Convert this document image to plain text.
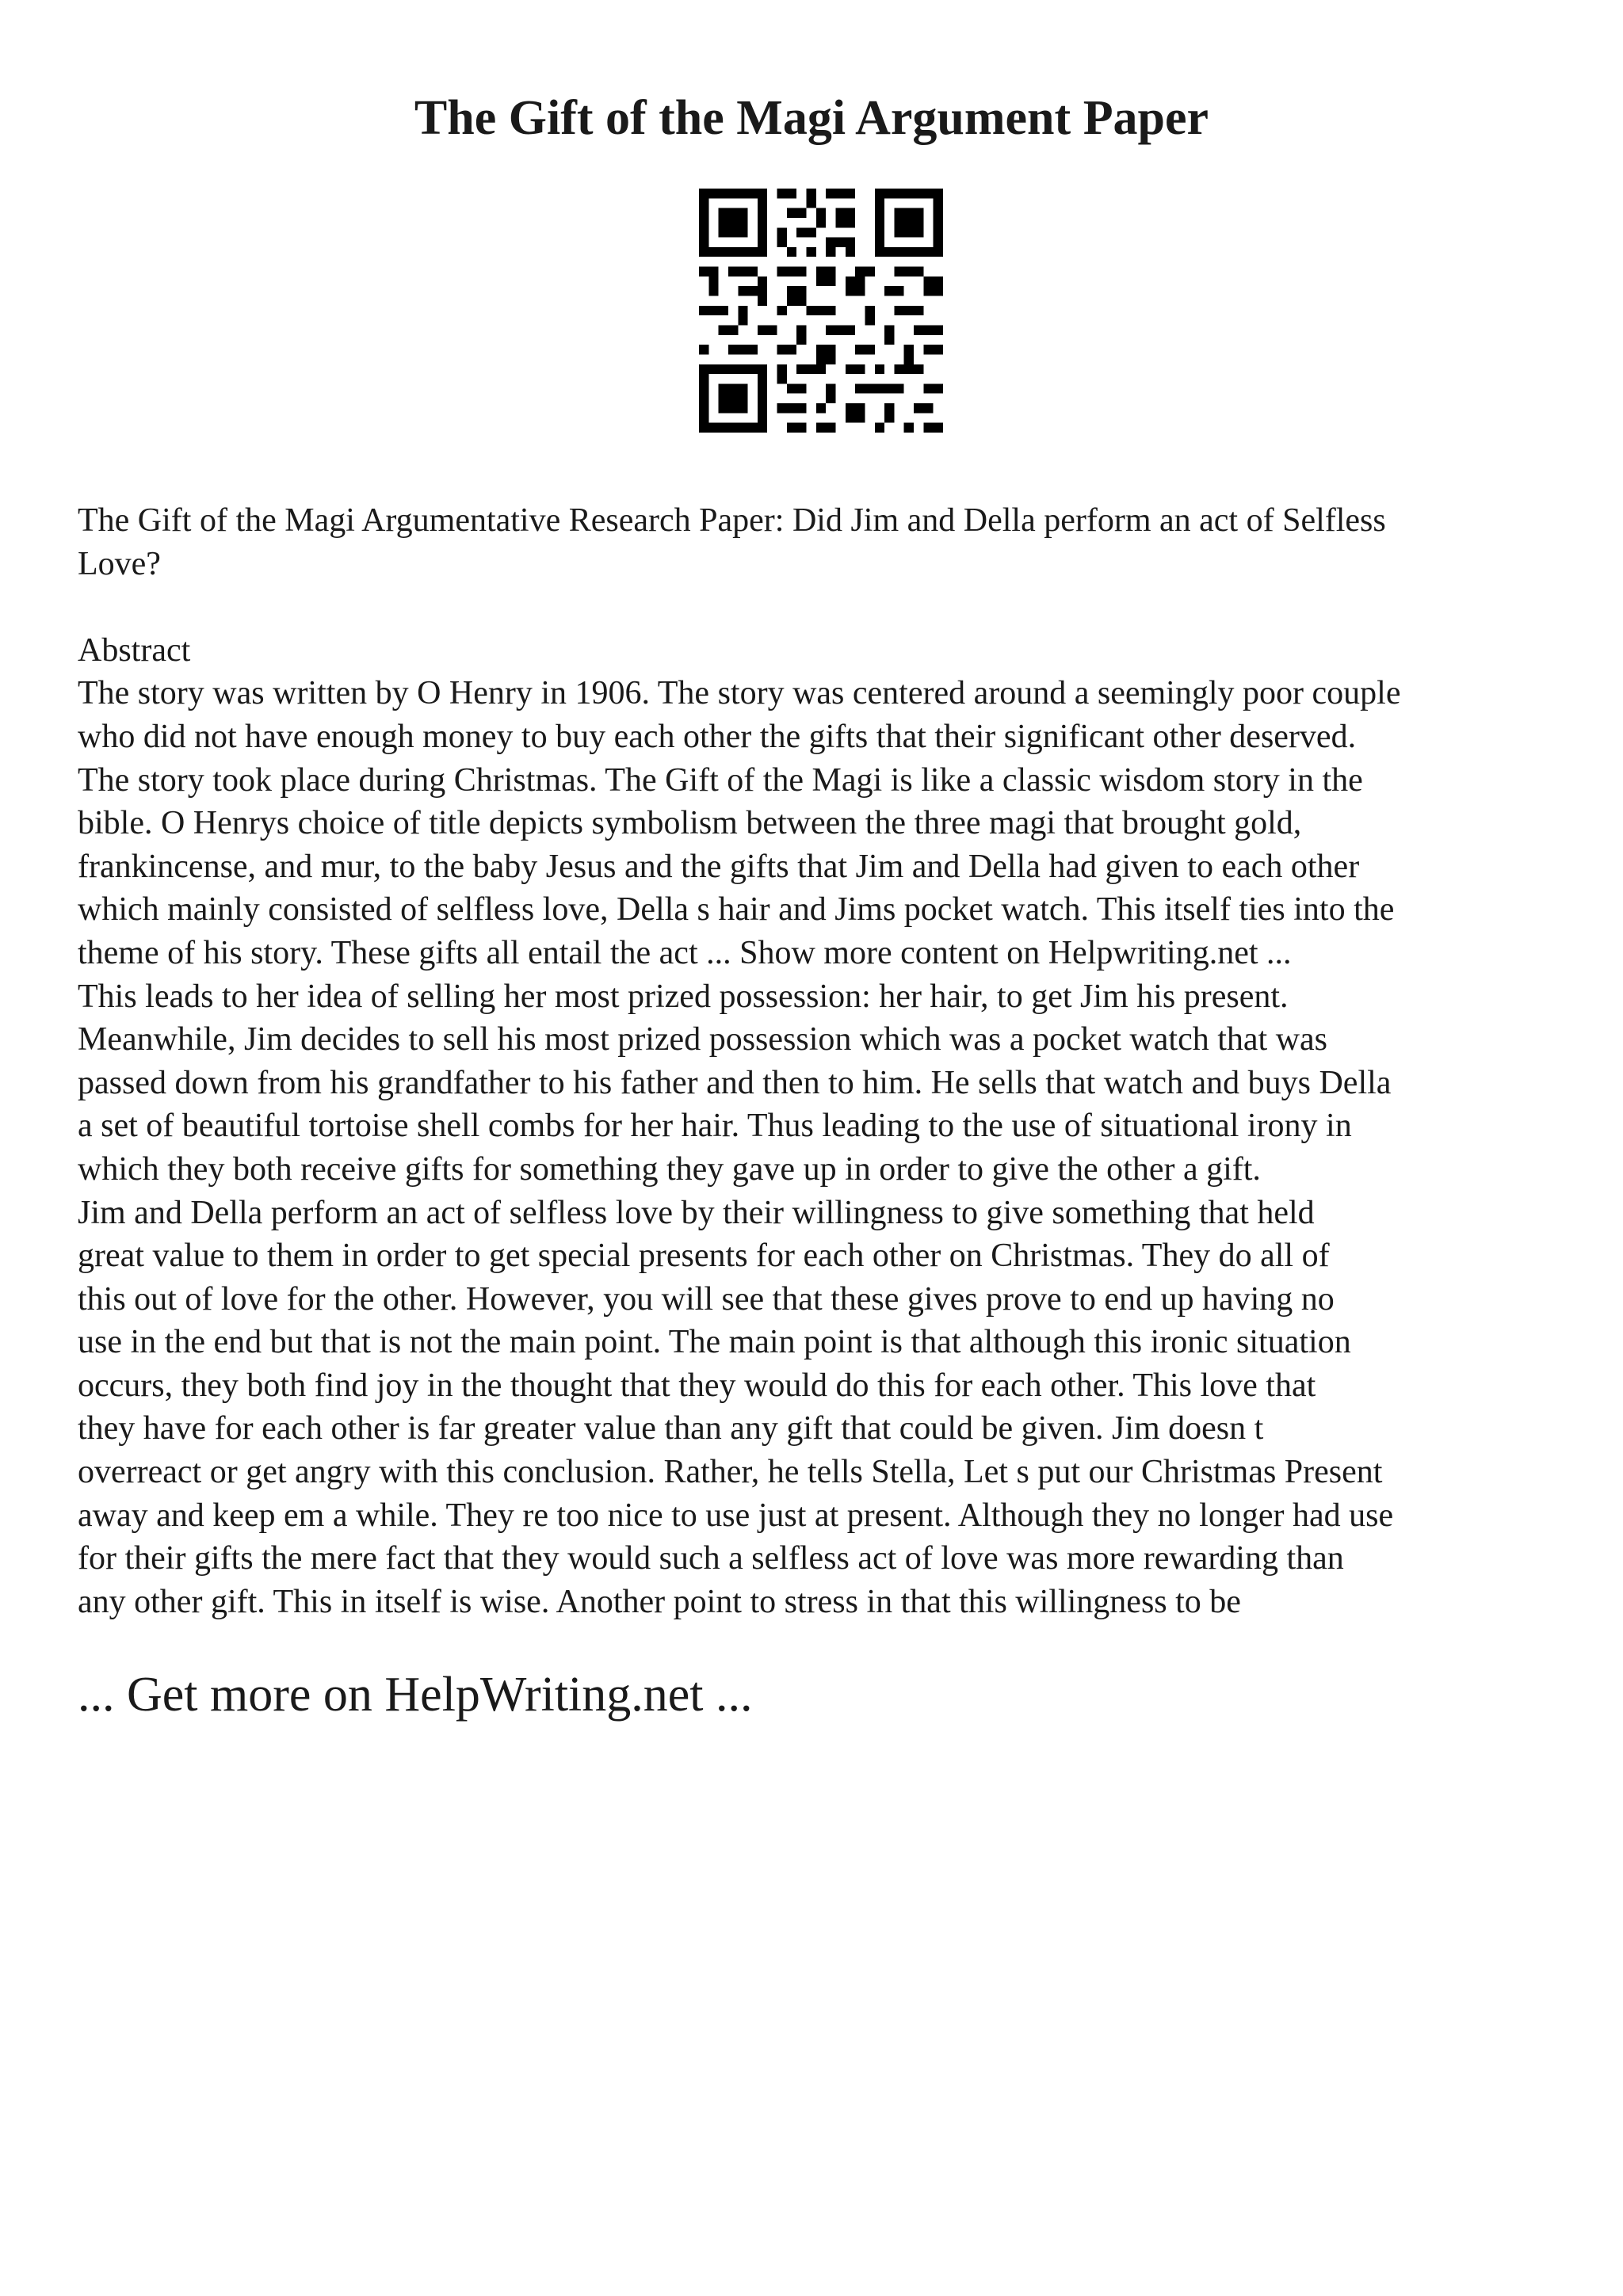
The Gift of the Magi Argument Paper

The Gift of the Magi Argumentative Research Paper: Did Jim and Della perform an act of Selfless
Love?

Abstract

The story was written by O Henry in 1906. The story was centered around a seemingly poor couple
who did not have enough money to buy each other the gifts that their significant other deserved.
The story took place during Christmas. The Gift of the Magi is like a classic wisdom story in the
bible. O Henrys choice of title depicts symbolism between the three magi that brought gold,
frankincense, and mur, to the baby Jesus and the gifts that Jim and Della had given to each other
which mainly consisted of selfless love, Della s hair and Jims pocket watch. This itself ties into the
theme of his story. These gifts all entail the act ... Show more content on Helpwriting.net ...
This leads to her idea of selling her most prized possession: her hair, to get Jim his present.
Meanwhile, Jim decides to sell his most prized possession which was a pocket watch that was
passed down from his grandfather to his father and then to him. He sells that watch and buys Della
a set of beautiful tortoise shell combs for her hair. Thus leading to the use of situational irony in
which they both receive gifts for something they gave up in order to give the other a gift.
Jim and Della perform an act of selfless love by their willingness to give something that held
great value to them in order to get special presents for each other on Christmas. They do all of
this out of love for the other. However, you will see that these gives prove to end up having no
use in the end but that is not the main point. The main point is that although this ironic situation
occurs, they both find joy in the thought that they would do this for each other. This love that
they have for each other is far greater value than any gift that could be given. Jim doesn t
overreact or get angry with this conclusion. Rather, he tells Stella, Let s put our Christmas Present
away and keep em a while. They re too nice to use just at present. Although they no longer had use
for their gifts the mere fact that they would such a selfless act of love was more rewarding than
any other gift. This in itself is wise. Another point to stress in that this willingness to be

... Get more on HelpWriting.net ...
